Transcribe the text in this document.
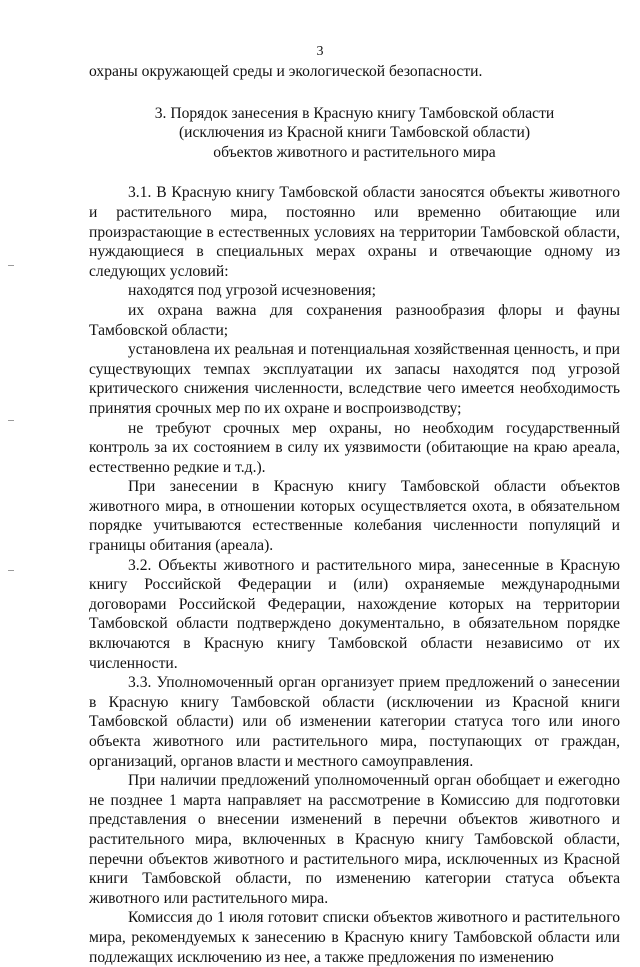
3

охраны окружающей среды и экологической безопасности.

3. Порядок занесения в Красную книгу Тамбовской области
(исключения из Красной книги Тамбовской области)
объектов животного и растительного мира

3.1. В Красную книгу Тамбовской области заносятся объекты животного и растительного мира, постоянно или временно обитающие или произрастающие в естественных условиях на территории Тамбовской области, нуждающиеся в специальных мерах охраны и отвечающие одному из следующих условий:

находятся под угрозой исчезновения;

их охрана важна для сохранения разнообразия флоры и фауны Тамбовской области;

установлена их реальная и потенциальная хозяйственная ценность, и при существующих темпах эксплуатации их запасы находятся под угрозой критического снижения численности, вследствие чего имеется необходимость принятия срочных мер по их охране и воспроизводству;

не требуют срочных мер охраны, но необходим государственный контроль за их состоянием в силу их уязвимости (обитающие на краю ареала, естественно редкие и т.д.).

При занесении в Красную книгу Тамбовской области объектов животного мира, в отношении которых осуществляется охота, в обязательном порядке учитываются естественные колебания численности популяций и границы обитания (ареала).

3.2. Объекты животного и растительного мира, занесенные в Красную книгу Российской Федерации и (или) охраняемые международными договорами Российской Федерации, нахождение которых на территории Тамбовской области подтверждено документально, в обязательном порядке включаются в Красную книгу Тамбовской области независимо от их численности.

3.3. Уполномоченный орган организует прием предложений о занесении в Красную книгу Тамбовской области (исключении из Красной книги Тамбовской области) или об изменении категории статуса того или иного объекта животного или растительного мира, поступающих от граждан, организаций, органов власти и местного самоуправления.

При наличии предложений уполномоченный орган обобщает и ежегодно не позднее 1 марта направляет на рассмотрение в Комиссию для подготовки представления о внесении изменений в перечни объектов животного и растительного мира, включенных в Красную книгу Тамбовской области, перечни объектов животного и растительного мира, исключенных из Красной книги Тамбовской области, по изменению категории статуса объекта животного или растительного мира.

Комиссия до 1 июля готовит списки объектов животного и растительного мира, рекомендуемых к занесению в Красную книгу Тамбовской области или подлежащих исключению из нее, а также предложения по изменению
